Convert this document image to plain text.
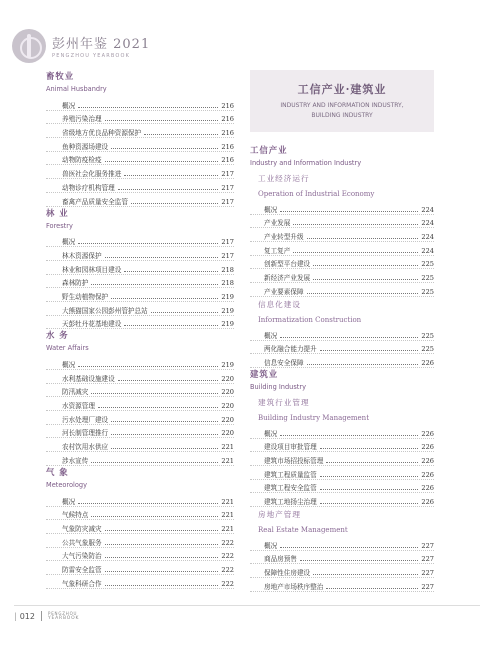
彭州年鉴 2021
PENGZHOU YEARBOOK
畜牧业
Animal Husbandry
概况	216
养殖污染治理	216
省级地方优良品种资源保护	216
鱼种资源场建设	216
动物防疫检疫	216
兽医社会化服务推进	217
动物诊疗机构管理	217
畜禽产品质量安全监管	217
林 业
Forestry
概况	217
林木资源保护	217
林业和园林项目建设	218
森林防护	218
野生动植物保护	219
大熊猫国家公园彭州管护总站	219
天彭牡丹花基地建设	219
水 务
Water Affairs
概况	219
水利基础设施建设	220
防汛减灾	220
水资源管理	220
污水处理厂建设	220
河长制管理推行	220
农村饮用水供应	221
涉水宣传	221
气 象
Meteorology
概况	221
气候特点	221
气象防灾减灾	221
公共气象服务	222
大气污染防治	222
防雷安全监管	222
气象科研合作	222
工信产业·建筑业
INDUSTRY AND INFORMATION INDUSTRY,
BUILDING INDUSTRY
工信产业
Industry and Information Industry
工业经济运行
Operation of Industrial Economy
概况	224
产业发展	224
产业转型升级	224
复工复产	224
创新型平台建设	225
新经济产业发展	225
产业要素保障	225
信息化建设
Informatization Construction
概况	225
两化融合能力提升	225
信息安全保障	226
建筑业
Building Industry
建筑行业管理
Building Industry Management
概况	226
建设项目审批管理	226
建筑市场招投标管理	226
建筑工程质量监管	226
建筑工程安全监管	226
建筑工地扬尘治理	226
房地产管理
Real Estate Management
概况	227
商品房预售	227
保障性住房建设	227
房地产市场秩序整治	227
| 012	PENGZHOU
YEARBOOK
